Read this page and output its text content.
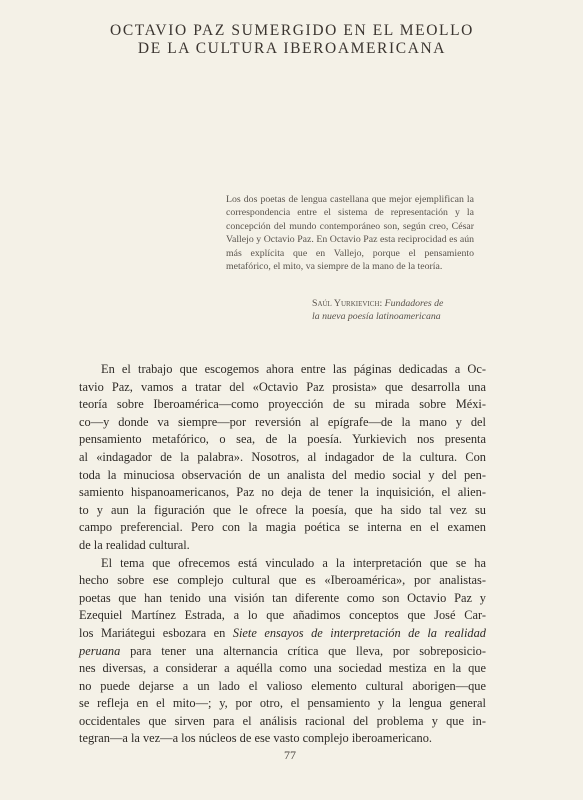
OCTAVIO PAZ SUMERGIDO EN EL MEOLLO
DE LA CULTURA IBEROAMERICANA
Los dos poetas de lengua castellana que mejor ejemplifican la correspondencia entre el sistema de representación y la concepción del mundo contemporáneo son, según creo, César Vallejo y Octavio Paz. En Octavio Paz esta reciprocidad es aún más explícita que en Vallejo, porque el pensamiento metafórico, el mito, va siempre de la mano de la teoría.
Saúl Yurkievich: Fundadores de
la nueva poesía latinoamericana
En el trabajo que escogemos ahora entre las páginas dedicadas a Oc-
tavio Paz, vamos a tratar del «Octavio Paz prosista» que desarrolla una
teoría sobre Iberoamérica—como proyección de su mirada sobre Méxi-
co—y donde va siempre—por reversión al epígrafe—de la mano y del
pensamiento metafórico, o sea, de la poesía. Yurkievich nos presenta
al «indagador de la palabra». Nosotros, al indagador de la cultura. Con
toda la minuciosa observación de un analista del medio social y del pen-
samiento hispanoamericanos, Paz no deja de tener la inquisición, el alien-
to y aun la figuración que le ofrece la poesía, que ha sido tal vez su
campo preferencial. Pero con la magia poética se interna en el examen
de la realidad cultural.
El tema que ofrecemos está vinculado a la interpretación que se ha
hecho sobre ese complejo cultural que es «Iberoamérica», por analistas-
poetas que han tenido una visión tan diferente como son Octavio Paz y
Ezequiel Martínez Estrada, a lo que añadimos conceptos que José Car-
los Mariátegui esbozara en Siete ensayos de interpretación de la realidad
peruana para tener una alternancia crítica que lleva, por sobreposicio-
nes diversas, a considerar a aquélla como una sociedad mestiza en la que
no puede dejarse a un lado el valioso elemento cultural aborigen—que
se refleja en el mito—; y, por otro, el pensamiento y la lengua general
occidentales que sirven para el análisis racional del problema y que in-
tegran—a la vez—a los núcleos de ese vasto complejo iberoamericano.
77
